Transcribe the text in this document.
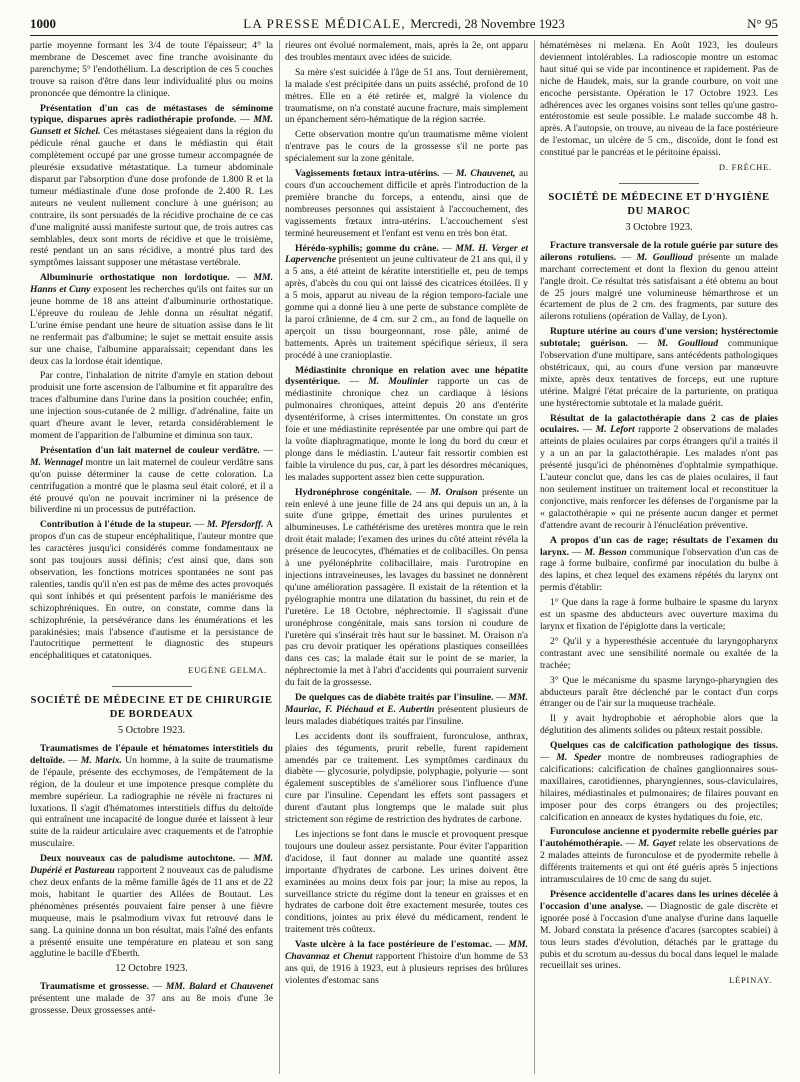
1000	LA PRESSE MÉDICALE, Mercredi, 28 Novembre 1923	N° 95

partie moyenne formant les 3/4 de toute l'épaisseur; 4° la membrane de Descemet avec fine tranche avoisinante du parenchyme; 5° l'endothélium. La description de ces 5 couches trouve sa raison d'être dans leur individualité plus ou moins prononcée que démontre la clinique.

Présentation d'un cas de métastases de séminome typique, disparues après radiothérapie profonde. — MM. Gunsett et Sichel. Ces métastases siégeaient dans la région du pédicule rénal gauche et dans le médiastin qui était complètement occupé par une grosse tumeur accompagnée de pleurésie exsudative métastatique. La tumeur abdominale disparut par l'absorption d'une dose profonde de 1.800 R et la tumeur médiastinale d'une dose profonde de 2.400 R. Les auteurs ne veulent nullement conclure à une guérison; au contraire, ils sont persuadés de la récidive prochaine de ce cas d'une malignité aussi manifeste surtout que, de trois autres cas semblables, deux sont morts de récidive et que le troisième, resté pendant un an sans récidive, a montré plus tard des symptômes laissant supposer une métastase vertébrale.

Albuminurie orthostatique non lordotique. — MM. Hanns et Cuny exposent les recherches qu'ils ont faites sur un jeune homme de 18 ans atteint d'albuminurie orthostatique. L'épreuve du rouleau de Jehle donna un résultat négatif. L'urine émise pendant une heure de situation assise dans le lit ne renfermait pas d'albumine; le sujet se mettait ensuite assis sur une chaise, l'albumine apparaissait; cependant dans les deux cas la lordose était identique.

Par contre, l'inhalation de nitrite d'amyle en station debout produisit une forte ascension de l'albumine et fit apparaître des traces d'albumine dans l'urine dans la position couchée; enfin, une injection sous-cutanée de 2 milligr. d'adrénaline, faite un quart d'heure avant le lever, retarda considérablement le moment de l'apparition de l'albumine et diminua son taux.

Présentation d'un lait maternel de couleur verdâtre. — M. Wennagel montre un lait maternel de couleur verdâtre sans qu'on puisse déterminer la cause de cette coloration. La centrifugation a montré que le plasma seul était coloré, et il a été prouvé qu'on ne pouvait incriminer ni la présence de biliverdine ni un processus de putréfaction.

Contribution à l'étude de la stupeur. — M. Pfersdorff. A propos d'un cas de stupeur encéphalitique, l'auteur montre que les caractères jusqu'ici considérés comme fondamentaux ne sont pas toujours aussi définis; c'est ainsi que, dans son observation, les fonctions motrices spontanées ne sont pas ralenties, tandis qu'il n'en est pas de même des actes provoqués qui sont inhibés et qui présentent parfois le maniérisme des schizophréniques. En outre, on constate, comme dans la schizophrénie, la persévérance dans les énumérations et les parakinésies; mais l'absence d'autisme et la persistance de l'autocritique permettent le diagnostic des stupeurs encéphalitiques et catatoniques.

EUGÈNE GELMA.
SOCIÉTÉ DE MÉDECINE ET DE CHIRURGIE DE BORDEAUX
5 Octobre 1923.

Traumatismes de l'épaule et hématomes interstitiels du deltoïde. — M. Marix. Un homme, à la suite de traumatisme de l'épaule, présente des ecchymoses, de l'empâtement de la région, de la douleur et une impotence presque complète du membre supérieur. La radiographie ne révèle ni fractures ni luxations. Il s'agit d'hématomes interstitiels diffus du deltoïde qui entraînent une incapacité de longue durée et laissent à leur suite de la raideur articulaire avec craquements et de l'atrophie musculaire.

Deux nouveaux cas de paludisme autochtone. — MM. Dupérié et Pastureau rapportent 2 nouveaux cas de paludisme chez deux enfants de la même famille âgés de 11 ans et de 22 mois, habitant le quartier des Allées de Boutaut. Les phénomènes présentés pouvaient faire penser à une fièvre muqueuse, mais le psalmodium vivax fut retrouvé dans le sang. La quinine donna un bon résultat, mais l'aîné des enfants a présenté ensuite une température en plateau et son sang agglutine le bacille d'Eberth.

12 Octobre 1923.

Traumatisme et grossesse. — MM. Balard et Chauvenet présentent une malade de 37 ans au 8e mois d'une 3e grossesse. Deux grossesses anté-

rieures ont évolué normalement, mais, après la 2e, ont apparu des troubles mentaux avec idées de suicide.

Sa mère s'est suicidée à l'âge de 51 ans. Tout dernièrement, la malade s'est précipitée dans un puits asséché, profond de 10 mètres. Elle en a été retirée et, malgré la violence du traumatisme, on n'a constaté aucune fracture, mais simplement un épanchement séro-hématique de la région sacrée.

Cette observation montre qu'un traumatisme même violent n'entrave pas le cours de la grossesse s'il ne porte pas spécialement sur la zone génitale.

Vagissements fœtaux intra-utérins. — M. Chauvenet, au cours d'un accouchement difficile et après l'introduction de la première branche du forceps, a entendu, ainsi que de nombreuses personnes qui assistaient à l'accouchement, des vagissements fœtaux intra-utérins. L'accouchement s'est terminé heureusement et l'enfant est venu en très bon état.

Hérédo-syphilis; gomme du crâne. — MM. H. Verger et Lapervenche présentent un jeune cultivateur de 21 ans qui, il y a 5 ans, a été atteint de kératite interstitielle et, peu de temps après, d'abcès du cou qui ont laissé des cicatrices étoilées. Il y a 5 mois, apparut au niveau de la région temporo-faciale une gomme qui a donné lieu à une perte de substance complète de la paroi crânienne, de 4 cm. sur 2 cm., au fond de laquelle on aperçoit un tissu bourgeonnant, rose pâle, animé de battements. Après un traitement spécifique sérieux, il sera procédé à une cranioplastie.

Médiastinite chronique en relation avec une hépatite dysentérique. — M. Moulinier rapporte un cas de médiastinite chronique chez un cardiaque à lésions pulmonaires chroniques, atteint depuis 20 ans d'entérite dysentériforme, à crises intermittentes. On constate un gros foie et une médiastinite représentée par une ombre qui part de la voûte diaphragmatique, monte le long du bord du cœur et plonge dans le médiastin. L'auteur fait ressortir combien est faible la virulence du pus, car, à part les désordres mécaniques, les malades supportent assez bien cette suppuration.

Hydronéphrose congénitale. — M. Oraison présente un rein enlevé à une jeune fille de 24 ans qui depuis un an, à la suite d'une grippe, émettait des urines purulentes et albumineuses. Le cathétérisme des uretères montra que le rein droit était malade; l'examen des urines du côté atteint révéla la présence de leucocytes, d'hématies et de colibacilles. On pensa à une pyélonéphrite colibacillaire, mais l'urotropine en injections intraveineuses, les lavages du bassinet ne donnèrent qu'une amélioration passagère. Il existait de la rétention et la pyélographie montra une dilatation du bassinet, du rein et de l'uretère. Le 18 Octobre, néphrectomie. Il s'agissait d'une uronéphrose congénitale, mais sans torsion ni coudure de l'uretère qui s'insérait très haut sur le bassinet. M. Oraison n'a pas cru devoir pratiquer les opérations plastiques conseillées dans ces cas; la malade était sur le point de se marier, la néphrectomie la met à l'abri d'accidents qui pourraient survenir du fait de la grossesse.

De quelques cas de diabète traités par l'insuline. — MM. Mauriac, F. Piéchaud et E. Aubertin présentent plusieurs de leurs malades diabétiques traités par l'insuline.

Les accidents dont ils souffraient, furonculose, anthrax, plaies des téguments, prurit rebelle, furent rapidement amendés par ce traitement. Les symptômes cardinaux du diabète — glycosurie, polydipsie, polyphagie, polyurie — sont également susceptibles de s'améliorer sous l'influence d'une cure par l'insuline. Cependant les effets sont passagers et durent d'autant plus longtemps que le malade suit plus strictement son régime de restriction des hydrates de carbone.

Les injections se font dans le muscle et provoquent presque toujours une douleur assez persistante. Pour éviter l'apparition d'acidose, il faut donner au malade une quantité assez importante d'hydrates de carbone. Les urines doivent être examinées au moins deux fois par jour; la mise au repos, la surveillance stricte du régime dont la teneur en graisses et en hydrates de carbone doit être exactement mesurée, toutes ces conditions, jointes au prix élevé du médicament, rendent le traitement très coûteux.

Vaste ulcère à la face postérieure de l'estomac. — MM. Chavannaz et Chenut rapportent l'histoire d'un homme de 53 ans qui, de 1916 à 1923, eut à plusieurs reprises des brûlures violentes d'estomac sans

hématémèses ni melæna. En Août 1923, les douleurs deviennent intolérables. La radioscopie montre un estomac haut situé qui se vide par incontinence et rapidement. Pas de niche de Haudek, mais, sur la grande courbure, on voit une encoche persistante. Opération le 17 Octobre 1923. Les adhérences avec les organes voisins sont telles qu'une gastro-entérostomie est seule possible. Le malade succombe 48 h. après. A l'autopsie, on trouve, au niveau de la face postérieure de l'estomac, un ulcère de 5 cm., discoïde, dont le fond est constitué par le pancréas et le péritoine épaissi.

D. FRÈCHE.
SOCIÉTÉ DE MÉDECINE ET D'HYGIÈNE DU MAROC
3 Octobre 1923.

Fracture transversale de la rotule guérie par suture des ailerons rotuliens. — M. Goullioud présente un malade marchant correctement et dont la flexion du genou atteint l'angle droit. Ce résultat très satisfaisant a été obtenu au bout de 25 jours malgré une volumineuse hémarthrose et un écartement de plus de 2 cm. des fragments, par suture des ailerons rotuliens (opération de Vallay, de Lyon).

Rupture utérine au cours d'une version; hystérectomie subtotale; guérison. — M. Goullioud communique l'observation d'une multipare, sans antécédents pathologiques obstétricaux, qui, au cours d'une version par manœuvre mixte, après deux tentatives de forceps, eut une rupture utérine. Malgré l'état précaire de la parturiente, on pratiqua une hystérectomie subtotale et la malade guérit.

Résultat de la galactothérapie dans 2 cas de plaies oculaires. — M. Lefort rapporte 2 observations de malades atteints de plaies oculaires par corps étrangers qu'il a traités il y a un an par la galactothérapie. Les malades n'ont pas présenté jusqu'ici de phénomènes d'ophtalmie sympathique. L'auteur conclut que, dans les cas de plaies oculaires, il faut non seulement instituer un traitement local et reconstituer la conjonctive, mais renforcer les défenses de l'organisme par la « galactothérapie » qui ne présente aucun danger et permet d'attendre avant de recourir à l'énucléation préventive.

A propos d'un cas de rage; résultats de l'examen du larynx. — M. Besson communique l'observation d'un cas de rage à forme bulbaire, confirmé par inoculation du bulbe à des lapins, et chez lequel des examens répétés du larynx ont permis d'établir:

1° Que dans la rage à forme bulbaire le spasme du larynx est un spasme des abducteurs avec ouverture maxima du larynx et fixation de l'épiglotte dans la verticale;

2° Qu'il y a hyperesthésie accentuée du laryngopharynx contrastant avec une sensibilité normale ou exaltée de la trachée;

3° Que le mécanisme du spasme laryngo-pharyngien des abducteurs paraît être déclenché par le contact d'un corps étranger ou de l'air sur la muqueuse trachéale.

Il y avait hydrophobie et aérophobie alors que la déglutition des aliments solides ou pâteux restait possible.

Quelques cas de calcification pathologique des tissus. — M. Speder montre de nombreuses radiographies de calcifications: calcification de chaînes ganglionnaires sous-maxillaires, carotidiennes, pharyngiennes, sous-claviculaires, hilaires, médiastinales et pulmonaires; de filaires pouvant en imposer pour des corps étrangers ou des projectiles; calcification en anneaux de kystes hydatiques du foie, etc.

Furonculose ancienne et pyodermite rebelle guéries par l'autohémothérapie. — M. Gayet relate les observations de 2 malades atteints de furonculose et de pyodermite rebelle à différents traitements et qui ont été guéris après 5 injections intramusculaires de 10 cmc de sang du sujet.

Présence accidentelle d'acares dans les urines décelée à l'occasion d'une analyse. — Diagnostic de gale discrète et ignorée posé à l'occasion d'une analyse d'urine dans laquelle M. Jobard constata la présence d'acares (sarcoptes scabiei) à tous leurs stades d'évolution, détachés par le grattage du pubis et du scrotum au-dessus du bocal dans lequel le malade recueillait ses urines.

LÉPINAY.
